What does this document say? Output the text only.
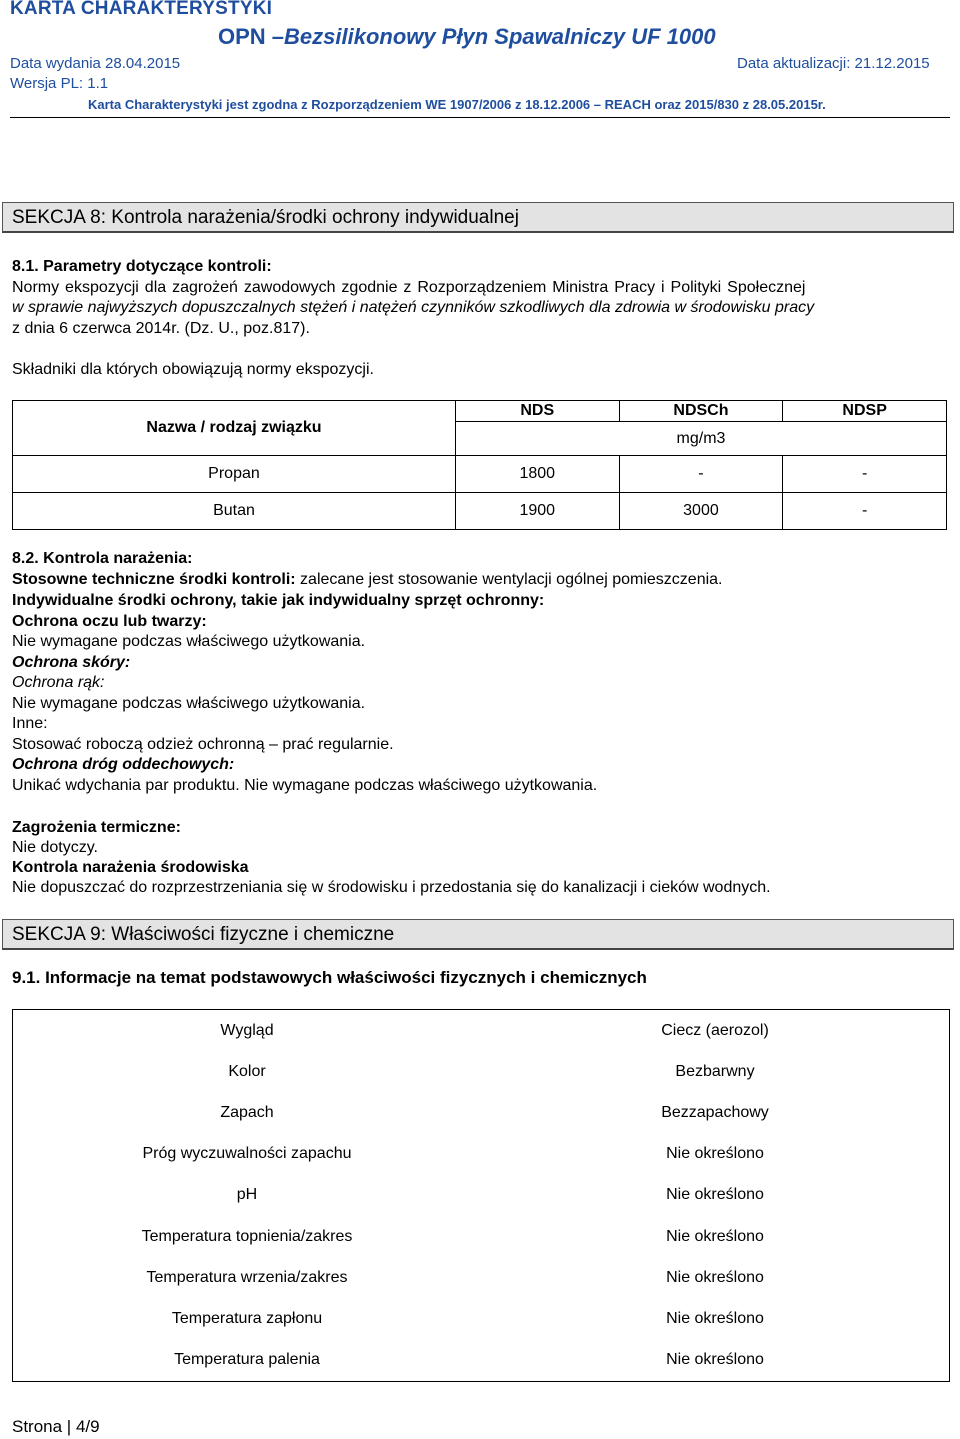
KARTA CHARAKTERYSTYKI
OPN –Bezsilikonowy Płyn Spawalniczy UF 1000
Data wydania 28.04.2015	Data aktualizacji: 21.12.2015
Wersja PL: 1.1
Karta Charakterystyki jest zgodna z Rozporządzeniem WE 1907/2006 z 18.12.2006 – REACH oraz 2015/830 z 28.05.2015r.
SEKCJA 8: Kontrola narażenia/środki ochrony indywidualnej
8.1. Parametry dotyczące kontroli:
Normy ekspozycji dla zagrożeń zawodowych zgodnie z Rozporządzeniem Ministra Pracy i Polityki Społecznej
w sprawie najwyższych dopuszczalnych stężeń i natężeń czynników szkodliwych dla zdrowia w środowisku pracy
z dnia 6 czerwca 2014r. (Dz. U., poz.817).
Składniki dla których obowiązują normy ekspozycji.
Nazwa / rodzaj związku	NDS	NDSCh	NDSP
	mg/m3		
Propan	1800	-	-
Butan	1900	3000	-
8.2. Kontrola narażenia:
Stosowne techniczne środki kontroli: zalecane jest stosowanie wentylacji ogólnej pomieszczenia.
Indywidualne środki ochrony, takie jak indywidualny sprzęt ochronny:
Ochrona oczu lub twarzy:
Nie wymagane podczas właściwego użytkowania.
Ochrona skóry:
Ochrona rąk:
Nie wymagane podczas właściwego użytkowania.
Inne:
Stosować roboczą odzież ochronną – prać regularnie.
Ochrona dróg oddechowych:
Unikać wdychania par produktu. Nie wymagane podczas właściwego użytkowania.
Zagrożenia termiczne:
Nie dotyczy.
Kontrola narażenia środowiska
Nie dopuszczać do rozprzestrzeniania się w środowisku i przedostania się do kanalizacji i cieków wodnych.
SEKCJA 9: Właściwości fizyczne i chemiczne
9.1. Informacje na temat podstawowych właściwości fizycznych i chemicznych
Wygląd	Ciecz (aerozol)
Kolor	Bezbarwny
Zapach	Bezzapachowy
Próg wyczuwalności zapachu	Nie określono
pH	Nie określono
Temperatura topnienia/zakres	Nie określono
Temperatura wrzenia/zakres	Nie określono
Temperatura zapłonu	Nie określono
Temperatura palenia	Nie określono
Strona | 4/9
